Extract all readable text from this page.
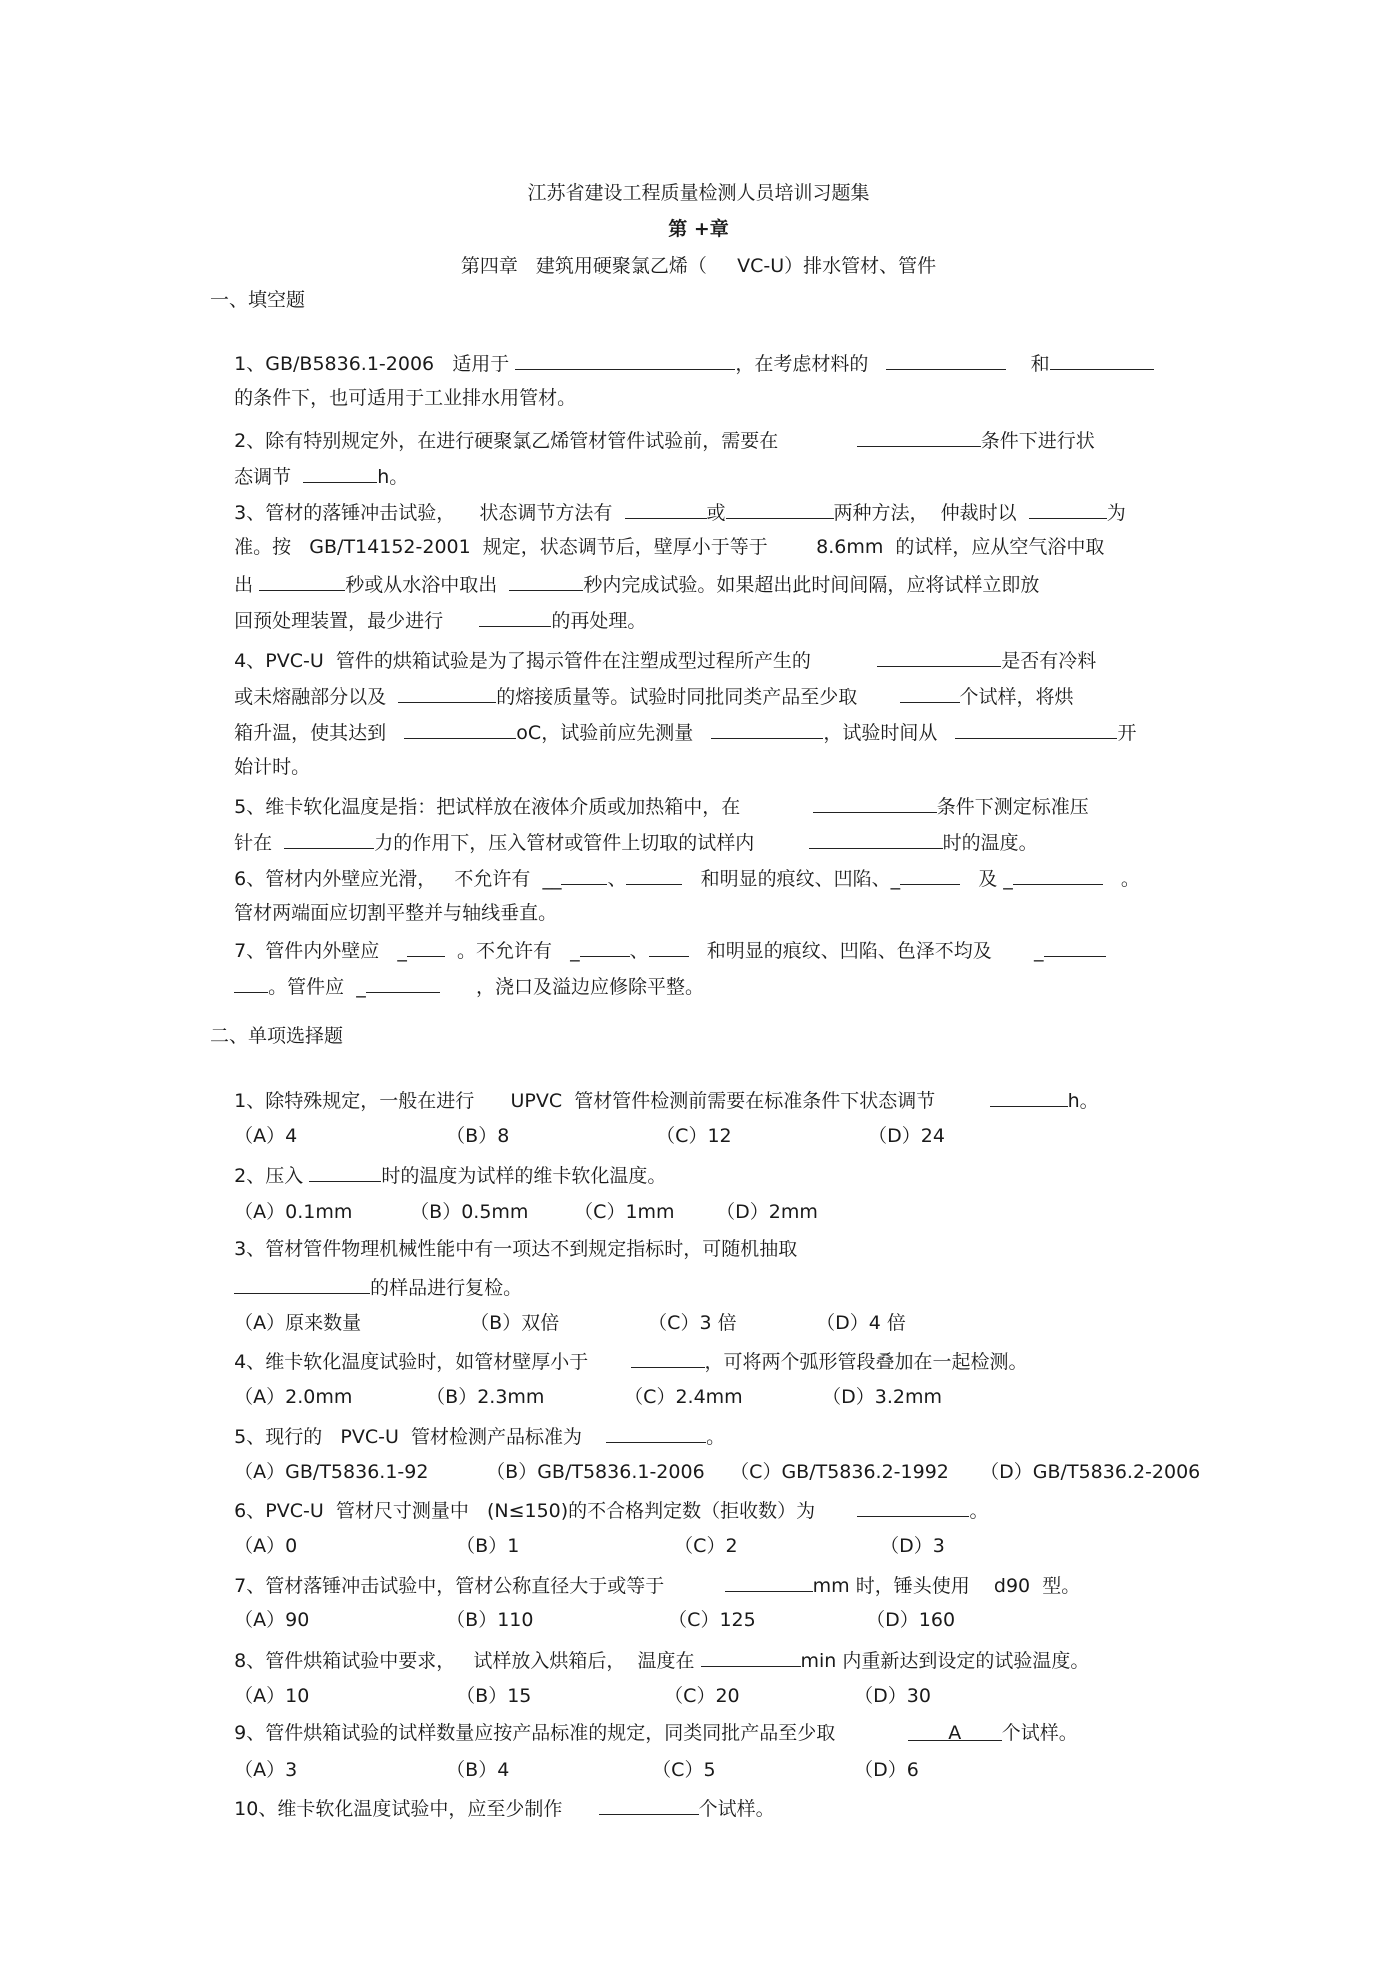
江苏省建设工程质量检测人员培训习题集
第 +章
第四章   建筑用硬聚氯乙烯（     VC-U）排水管材、管件
一、填空题

1、GB/B5836.1-2006   适用于	，在考虑材料的	和

的条件下，也可适用于工业排水用管材。

2、除有特别规定外，在进行硬聚氯乙烯管材管件试验前，需要在	条件下进行状

态调节	h。

3、管材的落锤冲击试验，    状态调节方法有	或	两种方法，  仲裁时以	为

准。按   GB/T14152-2001  规定，状态调节后，壁厚小于等于        8.6mm  的试样，应从空气浴中取

出	秒或从水浴中取出	秒内完成试验。如果超出此时间间隔，应将试样立即放

回预处理装置，最少进行	的再处理。

4、PVC-U  管件的烘箱试验是为了揭示管件在注塑成型过程所产生的	是否有冷料

或未熔融部分以及	的熔接质量等。试验时同批同类产品至少取	个试样，将烘

箱升温，使其达到	oC，试验前应先测量	，试验时间从	开

始计时。

5、维卡软化温度是指：把试样放在液体介质或加热箱中，在	条件下测定标准压

针在	力的作用下，压入管材或管件上切取的试样内	时的温度。

6、管材内外壁应光滑，   不允许有  __ 、	和明显的痕纹、凹陷、_	及 _	。

管材两端面应切割平整并与轴线垂直。

7、管件内外壁应   _  。不允许有   _	、   和明显的痕纹、凹陷、色泽不均及       _

。管件应  _	，浇口及溢边应修除平整。

二、单项选择题

1、除特殊规定，一般在进行      UPVC  管材管件检测前需要在标准条件下状态调节	h。

（A）4	（B）8	（C）12	（D）24

2、压入	时的温度为试样的维卡软化温度。

（A）0.1mm	（B）0.5mm （C）1mm （D）2mm

3、管材管件物理机械性能中有一项达不到规定指标时，可随机抽取

的样品进行复检。

（A）原来数量	（B）双倍	（C）3 倍	（D）4 倍

4、维卡软化温度试验时，如管材壁厚小于	，可将两个弧形管段叠加在一起检测。

（A）2.0mm	（B）2.3mm	（C）2.4mm	（D）3.2mm

5、现行的   PVC-U  管材检测产品标准为	。

（A）GB/T5836.1-92	（B）GB/T5836.1-2006 （C）GB/T5836.2-1992 （D）GB/T5836.2-2006

6、PVC-U  管材尺寸测量中   (N≤150)的不合格判定数（拒收数）为	。

（A）0	（B）1	（C）2	（D）3

7、管材落锤冲击试验中，管材公称直径大于或等于	mm 时，锤头使用    d90  型。

（A）90	（B）110	（C）125	（D）160

8、管件烘箱试验中要求，   试样放入烘箱后，  温度在	min 内重新达到设定的试验温度。

（A）10	（B）15	（C）20	（D）30

9、管件烘箱试验的试样数量应按产品标准的规定，同类同批产品至少取            A 个试样。

（A）3	（B）4	（C）5	（D）6

10、维卡软化温度试验中，应至少制作	个试样。
